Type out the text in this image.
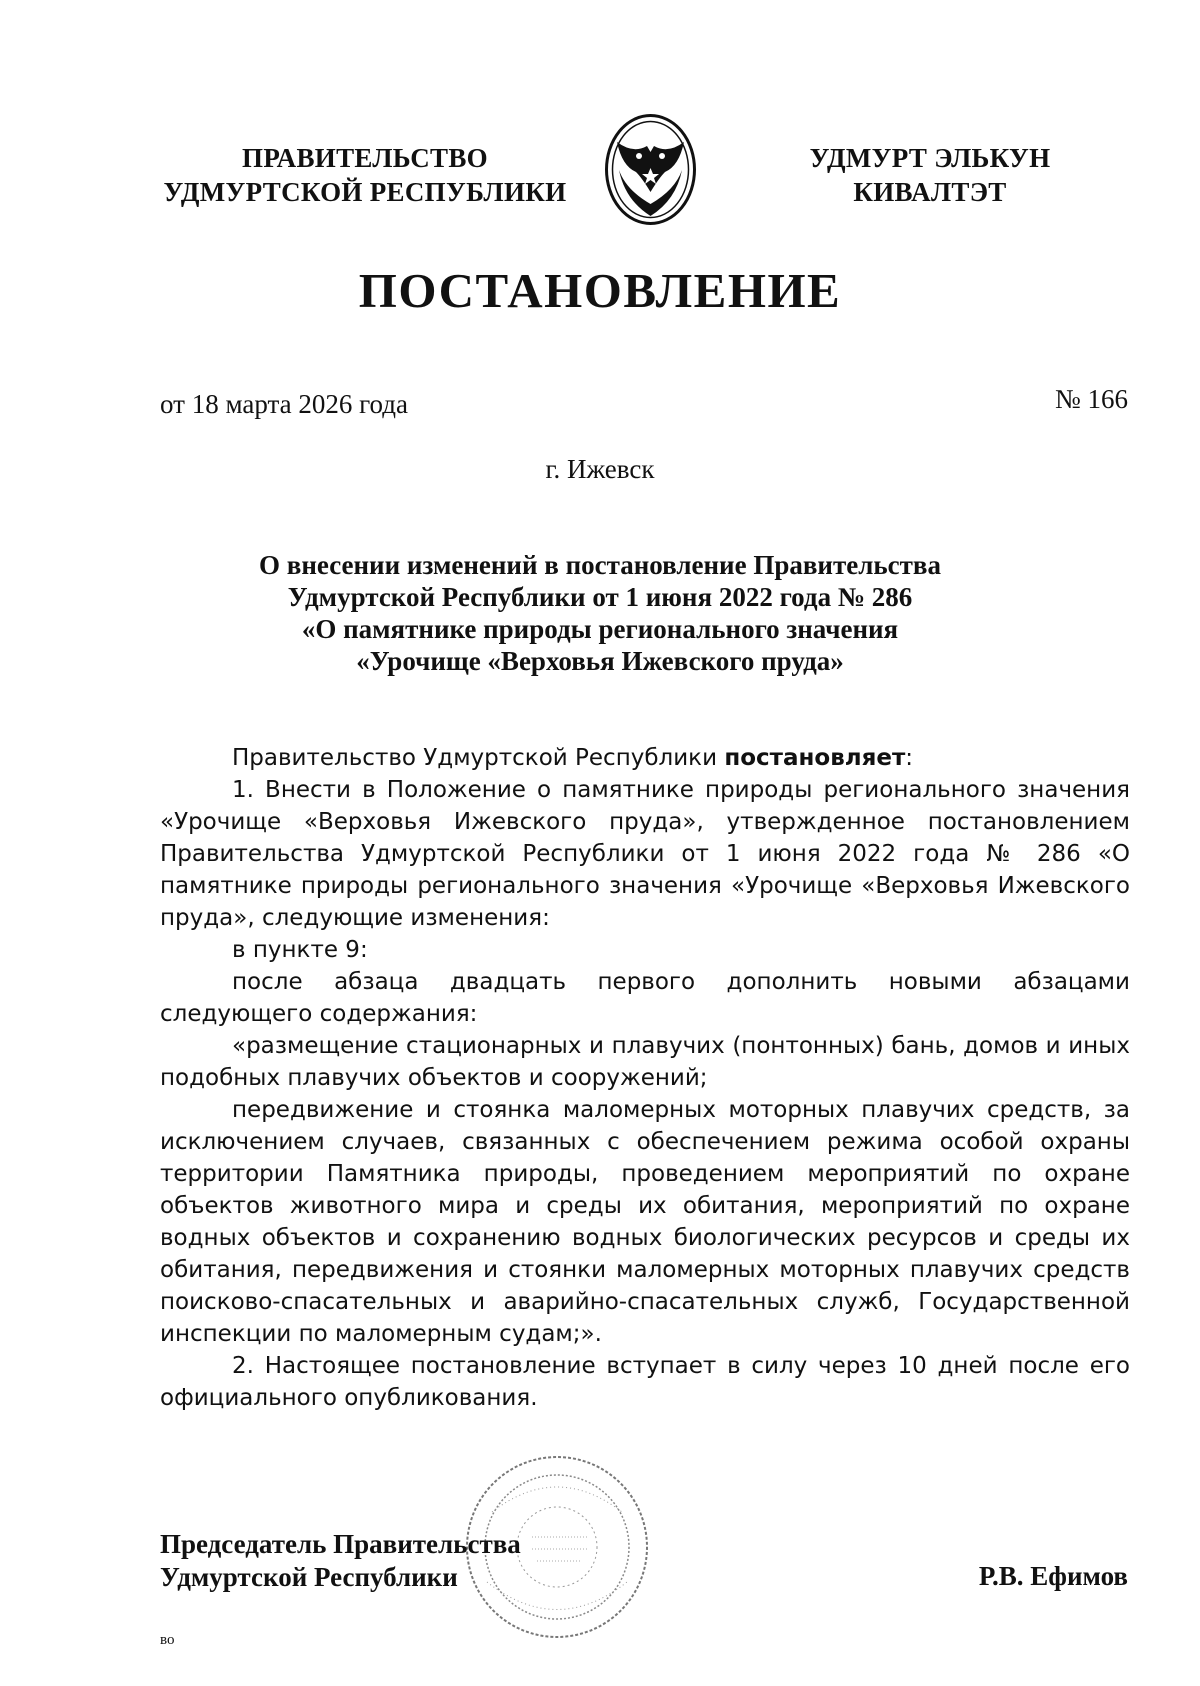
ПРАВИТЕЛЬСТВО
УДМУРТСКОЙ РЕСПУБЛИКИ
УДМУРТ ЭЛЬКУН
КИВАЛТЭТ
ПОСТАНОВЛЕНИЕ
от 18 марта 2026 года	№ 166
г. Ижевск
О внесении изменений в постановление Правительства
Удмуртской Республики от 1 июня 2022 года № 286
«О памятнике природы регионального значения
«Урочище «Верховья Ижевского пруда»

Правительство Удмуртской Республики постановляет:

1. Внести в Положение о памятнике природы регионального значения «Урочище «Верховья Ижевского пруда», утвержденное постановлением Правительства Удмуртской Республики от 1 июня 2022 года № 286 «О памятнике природы регионального значения «Урочище «Верховья Ижевского пруда», следующие изменения:

в пункте 9:

после абзаца двадцать первого дополнить новыми абзацами следующего содержания:

«размещение стационарных и плавучих (понтонных) бань, домов и иных подобных плавучих объектов и сооружений;

передвижение и стоянка маломерных моторных плавучих средств, за исключением случаев, связанных с обеспечением режима особой охраны территории Памятника природы, проведением мероприятий по охране объектов животного мира и среды их обитания, мероприятий по охране водных объектов и сохранению водных биологических ресурсов и среды их обитания, передвижения и стоянки маломерных моторных плавучих средств поисково-спасательных и аварийно-спасательных служб, Государственной инспекции по маломерным судам;».

2. Настоящее постановление вступает в силу через 10 дней после его официального опубликования.

Председатель Правительства
Удмуртской Республики	Р.В. Ефимов
во
